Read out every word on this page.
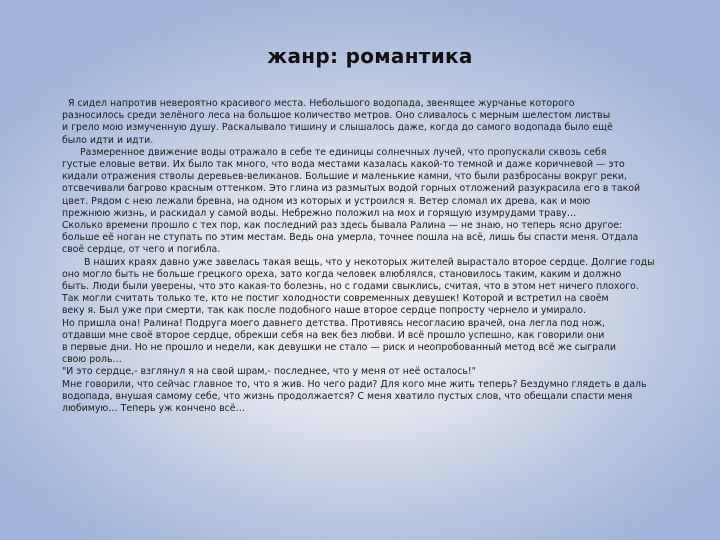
жанр: романтика
Я сидел напротив невероятно красивого места. Небольшого водопада, звенящее журчанье которого
разносилось среди зелёного леса на большое количество метров. Оно сливалось с мерным шелестом листвы
и грело мою измученную душу. Раскалывало тишину и слышалось даже, когда до самого водопада было ещё
было идти и идти.
Размеренное движение воды отражало в себе те единицы солнечных лучей, что пропускали сквозь себя
густые еловые ветви. Их было так много, что вода местами казалась какой-то темной и даже коричневой — это
кидали отражения стволы деревьев-великанов. Большие и маленькие камни, что были разбросаны вокруг реки,
отсвечивали багрово красным оттенком. Это глина из размытых водой горных отложений разукрасила его в такой
цвет. Рядом с нею лежали бревна, на одном из которых и устроился я. Ветер сломал их древа, как и мою
прежнюю жизнь, и раскидал у самой воды. Небрежно положил на мох и горящую изумрудами траву…
Сколько времени прошло с тех пор, как последний раз здесь бывала Ралина — не знаю, но теперь ясно другое:
больше её ноган не ступать по этим местам. Ведь она умерла, точнее пошла на всё, лишь бы спасти меня. Отдала
своё сердце, от чего и погибла.
В наших краях давно уже завелась такая вещь, что у некоторых жителей вырастало второе сердце. Долгие годы
оно могло быть не больше грецкого ореха, зато когда человек влюблялся, становилось таким, каким и должно
быть. Люди были уверены, что это какая-то болезнь, но с годами свыклись, считая, что в этом нет ничего плохого.
Так могли считать только те, кто не постиг холодности современных девушек! Которой и встретил на своём
веку я. Был уже при смерти, так как после подобного наше второе сердце попросту чернело и умирало.
Но пришла она! Ралина! Подруга моего давнего детства. Противясь несогласию врачей, она легла под нож,
отдавши мне своё второе сердце, обрекши себя на век без любви. И всё прошло успешно, как говорили они
в первые дни. Но не прошло и недели, как девушки не стало — риск и неопробованный метод всё же сыграли
свою роль…
"И это сердце,- взглянул я на свой шрам,- последнее, что у меня от неё осталось!"
Мне говорили, что сейчас главное то, что я жив. Но чего ради? Для кого мне жить теперь? Бездумно глядеть в даль
водопада, внушая самому себе, что жизнь продолжается? С меня хватило пустых слов, что обещали спасти меня
любимую… Теперь уж кончено всё…
